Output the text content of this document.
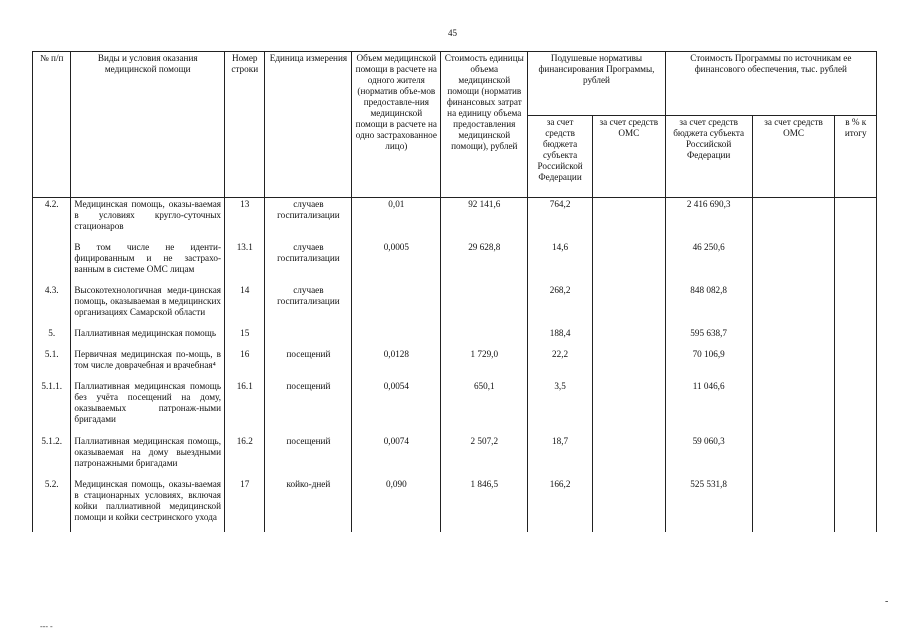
45
№ п/п	Виды и условия оказания медицинской помощи	Номер строки	Единица измерения	Объем медицинской помощи в расчете на одного жителя (норматив объе-мов предоставле-ния медицинской помощи в расчете на одно застрахованное лицо)	Стоимость единицы объема медицинской помощи (норматив финансовых затрат на единицу объема предоставления медицинской помощи), рублей	Подушевые нормативы финансирования Программы, рублей		Стоимость Программы по источникам ее финансового обеспечения, тыс. рублей		
						за счет средств бюджета субъекта Российской Федерации	за счет средств ОМС	за счет средств бюджета субъекта Российской Федерации	за счет средств ОМС	в % к итогу
4.2.	Медицинская помощь, оказы-ваемая в условиях кругло-суточных стационаров	13	случаев госпитализации	0,01	92 141,6	764,2		2 416 690,3		
	В том числе не иденти-фицированным и не застрахо-ванным в системе ОМС лицам	13.1	случаев госпитализации	0,0005	29 628,8	14,6		46 250,6		
4.3.	Высокотехнологичная меди-цинская помощь, оказываемая в медицинских организациях Самарской области	14	случаев госпитализации			268,2		848 082,8		
5.	Паллиативная медицинская помощь	15				188,4		595 638,7		
5.1.	Первичная медицинская по-мощь, в том числе доврачебная и врачебная⁴	16	посещений	0,0128	1 729,0	22,2		70 106,9		
5.1.1.	Паллиативная медицинская помощь без учёта посещений на дому, оказываемых патронаж-ными бригадами	16.1	посещений	0,0054	650,1	3,5		11 046,6		
5.1.2.	Паллиативная медицинская помощь, оказываемая на дому выездными патронажными бригадами	16.2	посещений	0,0074	2 507,2	18,7		59 060,3		
5.2.	Медицинская помощь, оказы-ваемая в стационарных условиях, включая койки паллиативной медицинской помощи и койки сестринского ухода	17	койко-дней	0,090	1 846,5	166,2		525 531,8		
-
--- -
